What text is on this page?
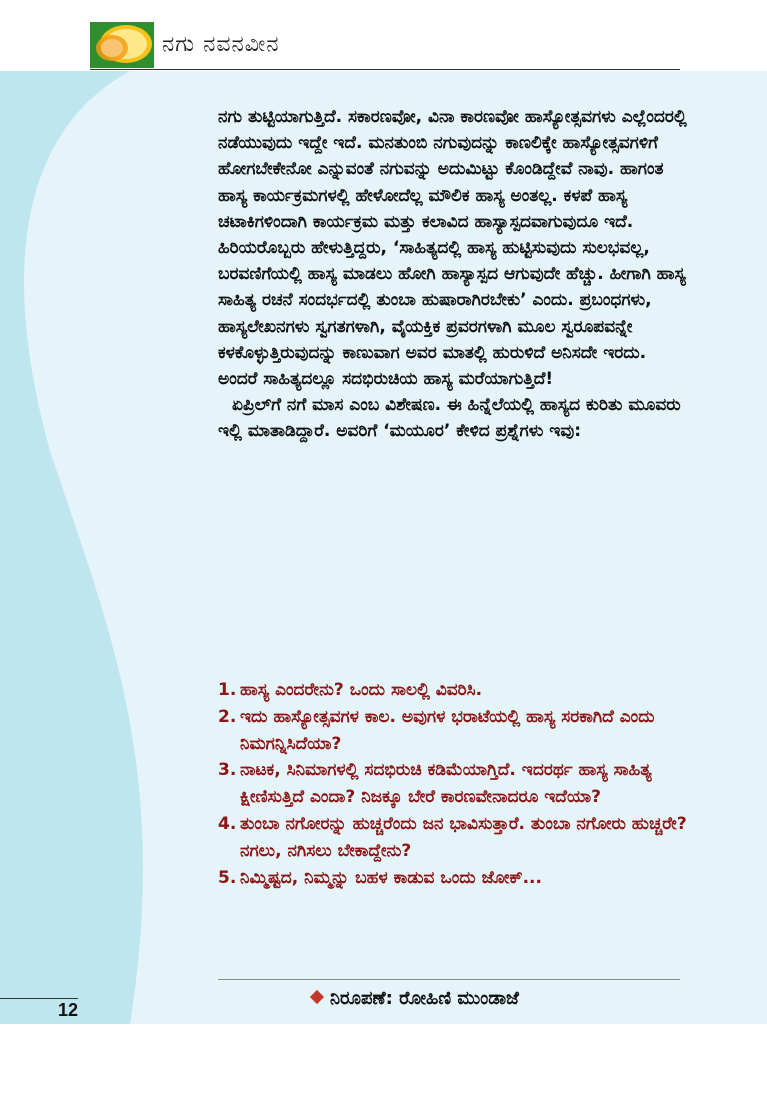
ನಗು ನವನವೀನ

ನಗು ತುಟ್ಟಿಯಾಗುತ್ತಿದೆ. ಸಕಾರಣವೋ, ವಿನಾ ಕಾರಣವೋ ಹಾಸ್ಯೋತ್ಸವಗಳು ಎಲ್ಲೆಂದರಲ್ಲಿ ನಡೆಯುವುದು ಇದ್ದೇ ಇದೆ. ಮನತುಂಬಿ ನಗುವುದನ್ನು ಕಾಣಲಿಕ್ಕೇ ಹಾಸ್ಯೋತ್ಸವಗಳಿಗೆ ಹೋಗಬೇಕೇನೋ ಎನ್ನುವಂತೆ ನಗುವನ್ನು ಅದುಮಿಟ್ಟು ಕೊಂಡಿದ್ದೇವೆ ನಾವು. ಹಾಗಂತ ಹಾಸ್ಯ ಕಾರ್ಯಕ್ರಮಗಳಲ್ಲಿ ಹೇಳೋದೆಲ್ಲ ಮೌಲಿಕ ಹಾಸ್ಯ ಅಂತಲ್ಲ. ಕಳಪೆ ಹಾಸ್ಯ ಚಟಾಕಿಗಳಿಂದಾಗಿ ಕಾರ್ಯಕ್ರಮ ಮತ್ತು ಕಲಾವಿದ ಹಾಸ್ಯಾಸ್ಪದವಾಗುವುದೂ ಇದೆ. ಹಿರಿಯರೊಬ್ಬರು ಹೇಳುತ್ತಿದ್ದರು, ‘ಸಾಹಿತ್ಯದಲ್ಲಿ ಹಾಸ್ಯ ಹುಟ್ಟಿಸುವುದು ಸುಲಭವಲ್ಲ, ಬರವಣಿಗೆಯಲ್ಲಿ ಹಾಸ್ಯ ಮಾಡಲು ಹೋಗಿ ಹಾಸ್ಯಾಸ್ಪದ ಆಗುವುದೇ ಹೆಚ್ಚು. ಹೀಗಾಗಿ ಹಾಸ್ಯ ಸಾಹಿತ್ಯ ರಚನೆ ಸಂದರ್ಭದಲ್ಲಿ ತುಂಬಾ ಹುಷಾರಾಗಿರಬೇಕು’ ಎಂದು. ಪ್ರಬಂಧಗಳು, ಹಾಸ್ಯಲೇಖನಗಳು ಸ್ವಗತಗಳಾಗಿ, ವೈಯಕ್ತಿಕ ಪ್ರವರಗಳಾಗಿ ಮೂಲ ಸ್ವರೂಪವನ್ನೇ ಕಳಕೊಳ್ಳುತ್ತಿರುವುದನ್ನು ಕಾಣುವಾಗ ಅವರ ಮಾತಲ್ಲಿ ಹುರುಳಿದೆ ಅನಿಸದೇ ಇರದು. ಅಂದರೆ ಸಾಹಿತ್ಯದಲ್ಲೂ ಸದಭಿರುಚಿಯ ಹಾಸ್ಯ ಮರೆಯಾಗುತ್ತಿದೆ!

ಏಪ್ರಿಲ್‌ಗೆ ನಗೆ ಮಾಸ ಎಂಬ ವಿಶೇಷಣ. ಈ ಹಿನ್ನೆಲೆಯಲ್ಲಿ ಹಾಸ್ಯದ ಕುರಿತು ಮೂವರು ಇಲ್ಲಿ ಮಾತಾಡಿದ್ದಾರೆ. ಅವರಿಗೆ ‘ಮಯೂರ’ ಕೇಳಿದ ಪ್ರಶ್ನೆಗಳು ಇವು:

1. ಹಾಸ್ಯ ಎಂದರೇನು? ಒಂದು ಸಾಲಲ್ಲಿ ವಿವರಿಸಿ.
2. ಇದು ಹಾಸ್ಯೋತ್ಸವಗಳ ಕಾಲ. ಅವುಗಳ ಭರಾಟೆಯಲ್ಲಿ ಹಾಸ್ಯ ಸರಕಾಗಿದೆ ಎಂದು ನಿಮಗನ್ನಿಸಿದೆಯಾ?
3. ನಾಟಕ, ಸಿನಿಮಾಗಳಲ್ಲಿ ಸದಭಿರುಚಿ ಕಡಿಮೆಯಾಗ್ತಿದೆ. ಇದರರ್ಥ ಹಾಸ್ಯ ಸಾಹಿತ್ಯ ಕ್ಷೀಣಿಸುತ್ತಿದೆ ಎಂದಾ? ನಿಜಕ್ಕೂ ಬೇರೆ ಕಾರಣವೇನಾದರೂ ಇದೆಯಾ?
4. ತುಂಬಾ ನಗೋರನ್ನು ಹುಚ್ಚರೆಂದು ಜನ ಭಾವಿಸುತ್ತಾರೆ. ತುಂಬಾ ನಗೋರು ಹುಚ್ಚರೇ? ನಗಲು, ನಗಿಸಲು ಬೇಕಾದ್ದೇನು?
5. ನಿಮ್ಮಿಷ್ಟದ, ನಿಮ್ಮನ್ನು ಬಹಳ ಕಾಡುವ ಒಂದು ಜೋಕ್...
ನಿರೂಪಣೆ: ರೋಹಿಣಿ ಮುಂಡಾಜೆ
12
